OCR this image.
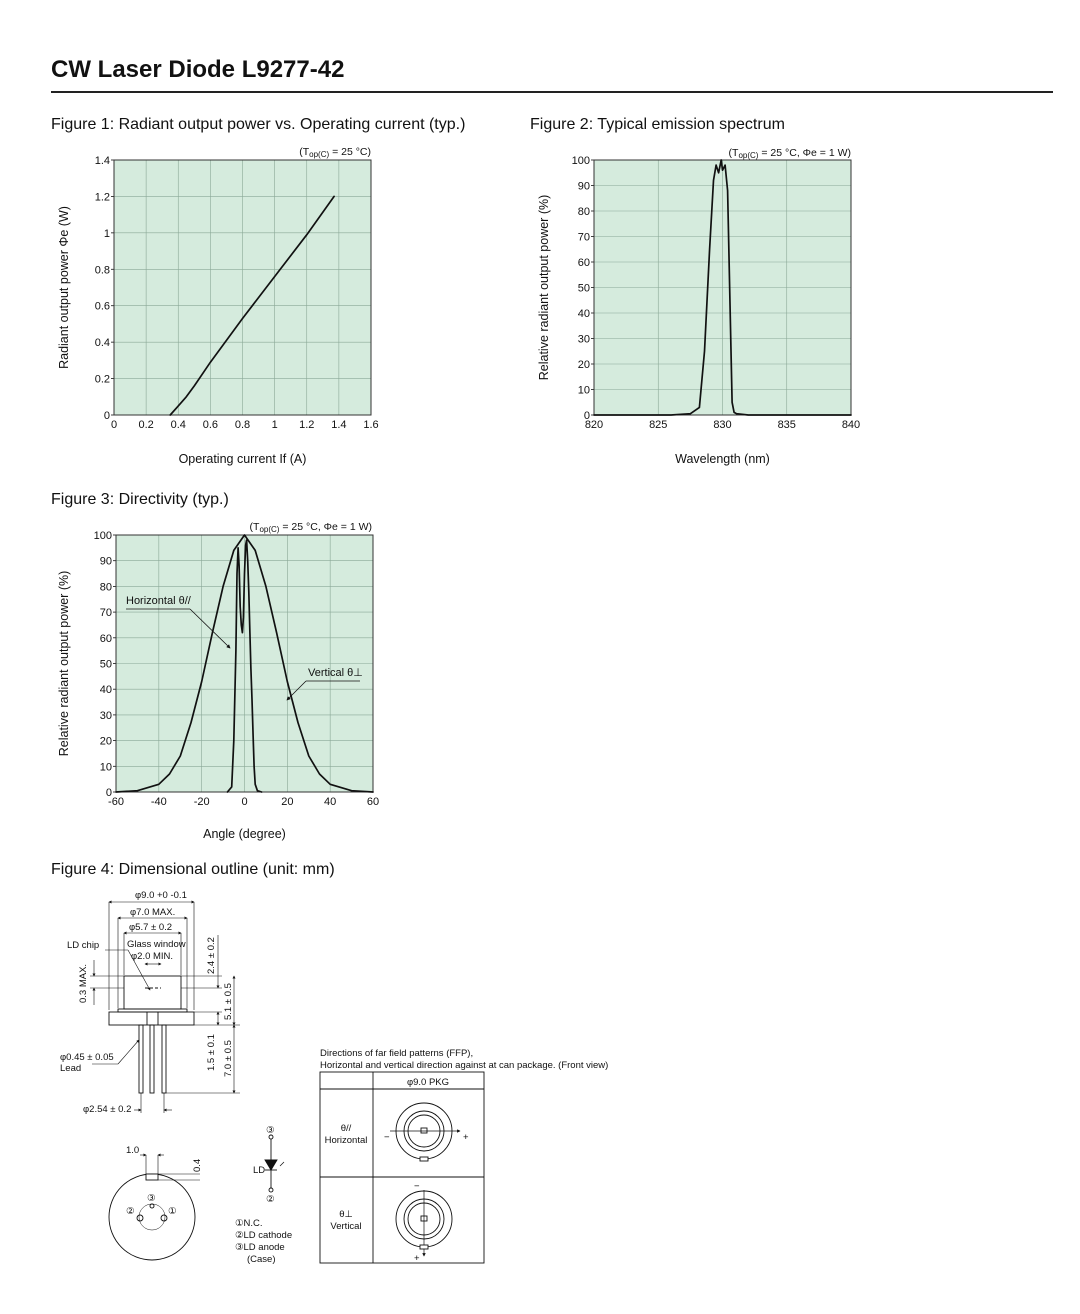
CW Laser Diode L9277-42
Figure 1: Radiant output power vs. Operating current (typ.)	Figure 2: Typical emission spectrum
Figure 3: Directivity (typ.)
Figure 4: Dimensional outline (unit: mm)
0 0.2 0.4 0.6 0.8 1 1.2 1.4 1.6
0
0.2
0.4
0.6
0.8
1
1.2
1.4
Operating current If (A)
Radiant output power Φe (W)
820	825	830	835	840
0
10
20
30
40
50
60
70
80
90
100
Wavelength (nm)
Relative radiant output power (%)
-60 -40 -20	0	20	40	60
0
10
20
30
40
50
60
70
80
90
100
Angle (degree)
Relative radiant output power (%)
(Top(C) = 25 °C)	(Top(C) = 25 °C, Φe = 1 W)
(Top(C) = 25 °C, Φe = 1 W)
Horizontal θ//
Vertical θ⊥
φ9.0 +0 -0.1
φ7.0 MAX.
φ5.7 ± 0.2
Glass window
φ2.0 MIN.
LD chip
0.3 MAX.
2.4 ± 0.2
5.1 ± 0.5
1.5 ± 0.1 7.0 ± 0.5
φ0.45 ± 0.05
Lead
φ2.54 ± 0.2
1.0
0.4
②	①
③
③
②
LD
①N.C.
②LD cathode
③LD anode
(Case)
Directions of far field patterns (FFP),
Horizontal and vertical direction against at can package. (Front view)
φ9.0 PKG
θ//
Horizontal
θ⊥
Vertical
−	+
−
+
